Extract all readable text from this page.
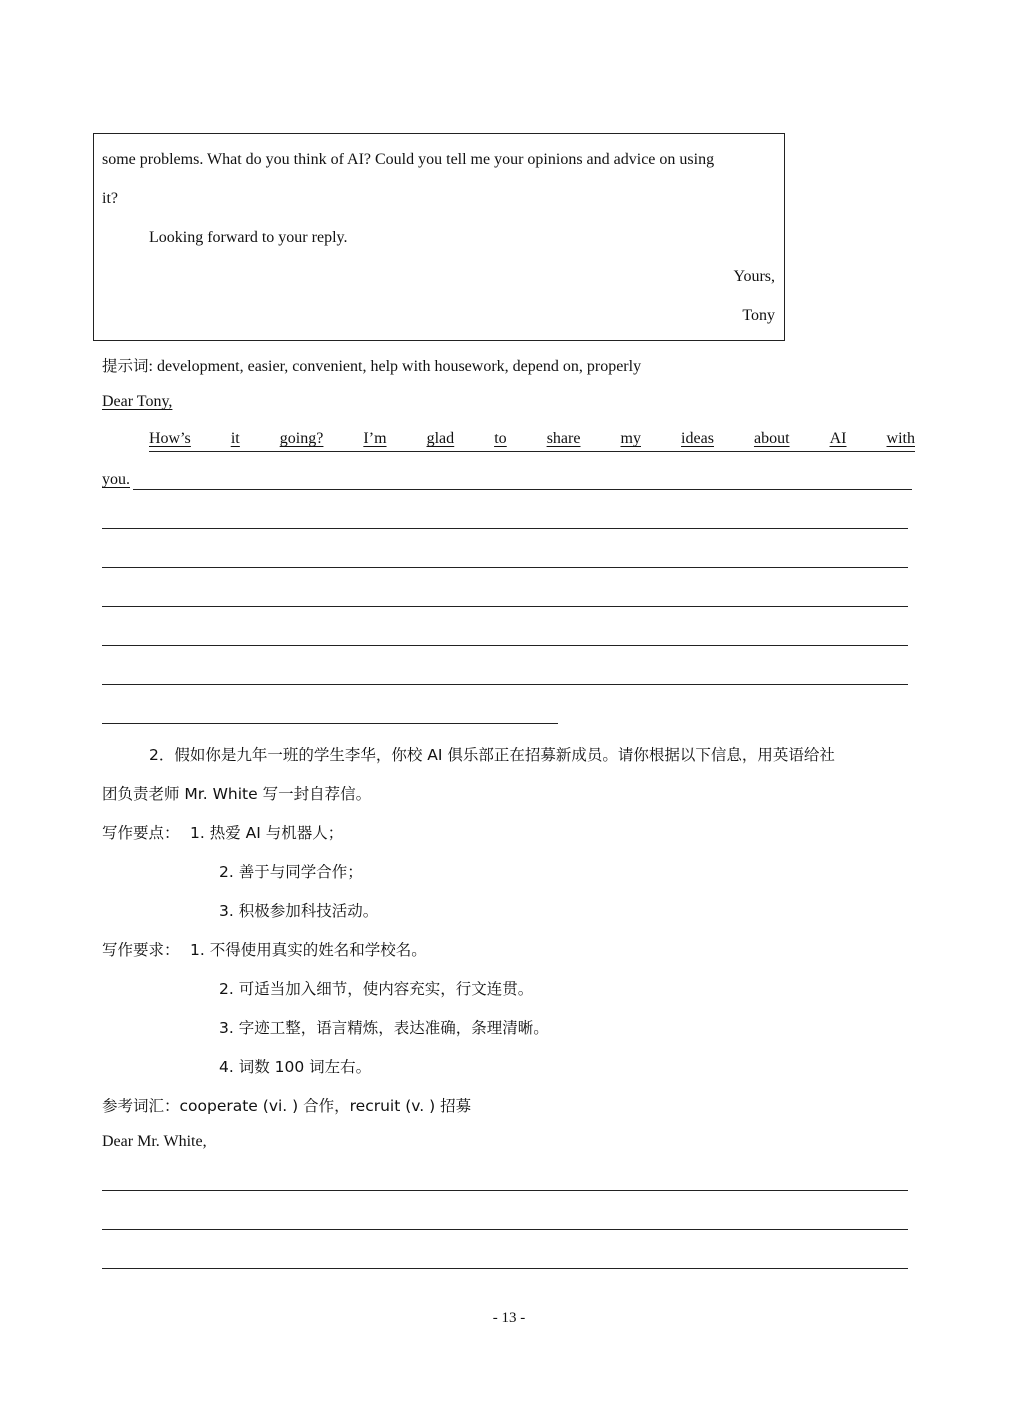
some problems. What do you think of AI? Could you tell me your opinions and advice on using
it?
Looking forward to your reply.
Yours,
Tony
提示词: development, easier, convenient, help with housework, depend on, properly
Dear Tony,
How’s	it	going?	I’m	glad	to	share	my	ideas	about	AI	with
you.
2．假如你是九年一班的学生李华，你校 AI 俱乐部正在招募新成员。请你根据以下信息，用英语给社
团负责老师 Mr. White 写一封自荐信。
写作要点： 1. 热爱 AI 与机器人；
2. 善于与同学合作；
3. 积极参加科技活动。
写作要求： 1. 不得使用真实的姓名和学校名。
2. 可适当加入细节，使内容充实，行文连贯。
3. 字迹工整，语言精炼，表达准确，条理清晰。
4. 词数 100 词左右。
参考词汇：cooperate (vi. ) 合作，recruit (v. ) 招募
Dear Mr. White,
- 13 -
